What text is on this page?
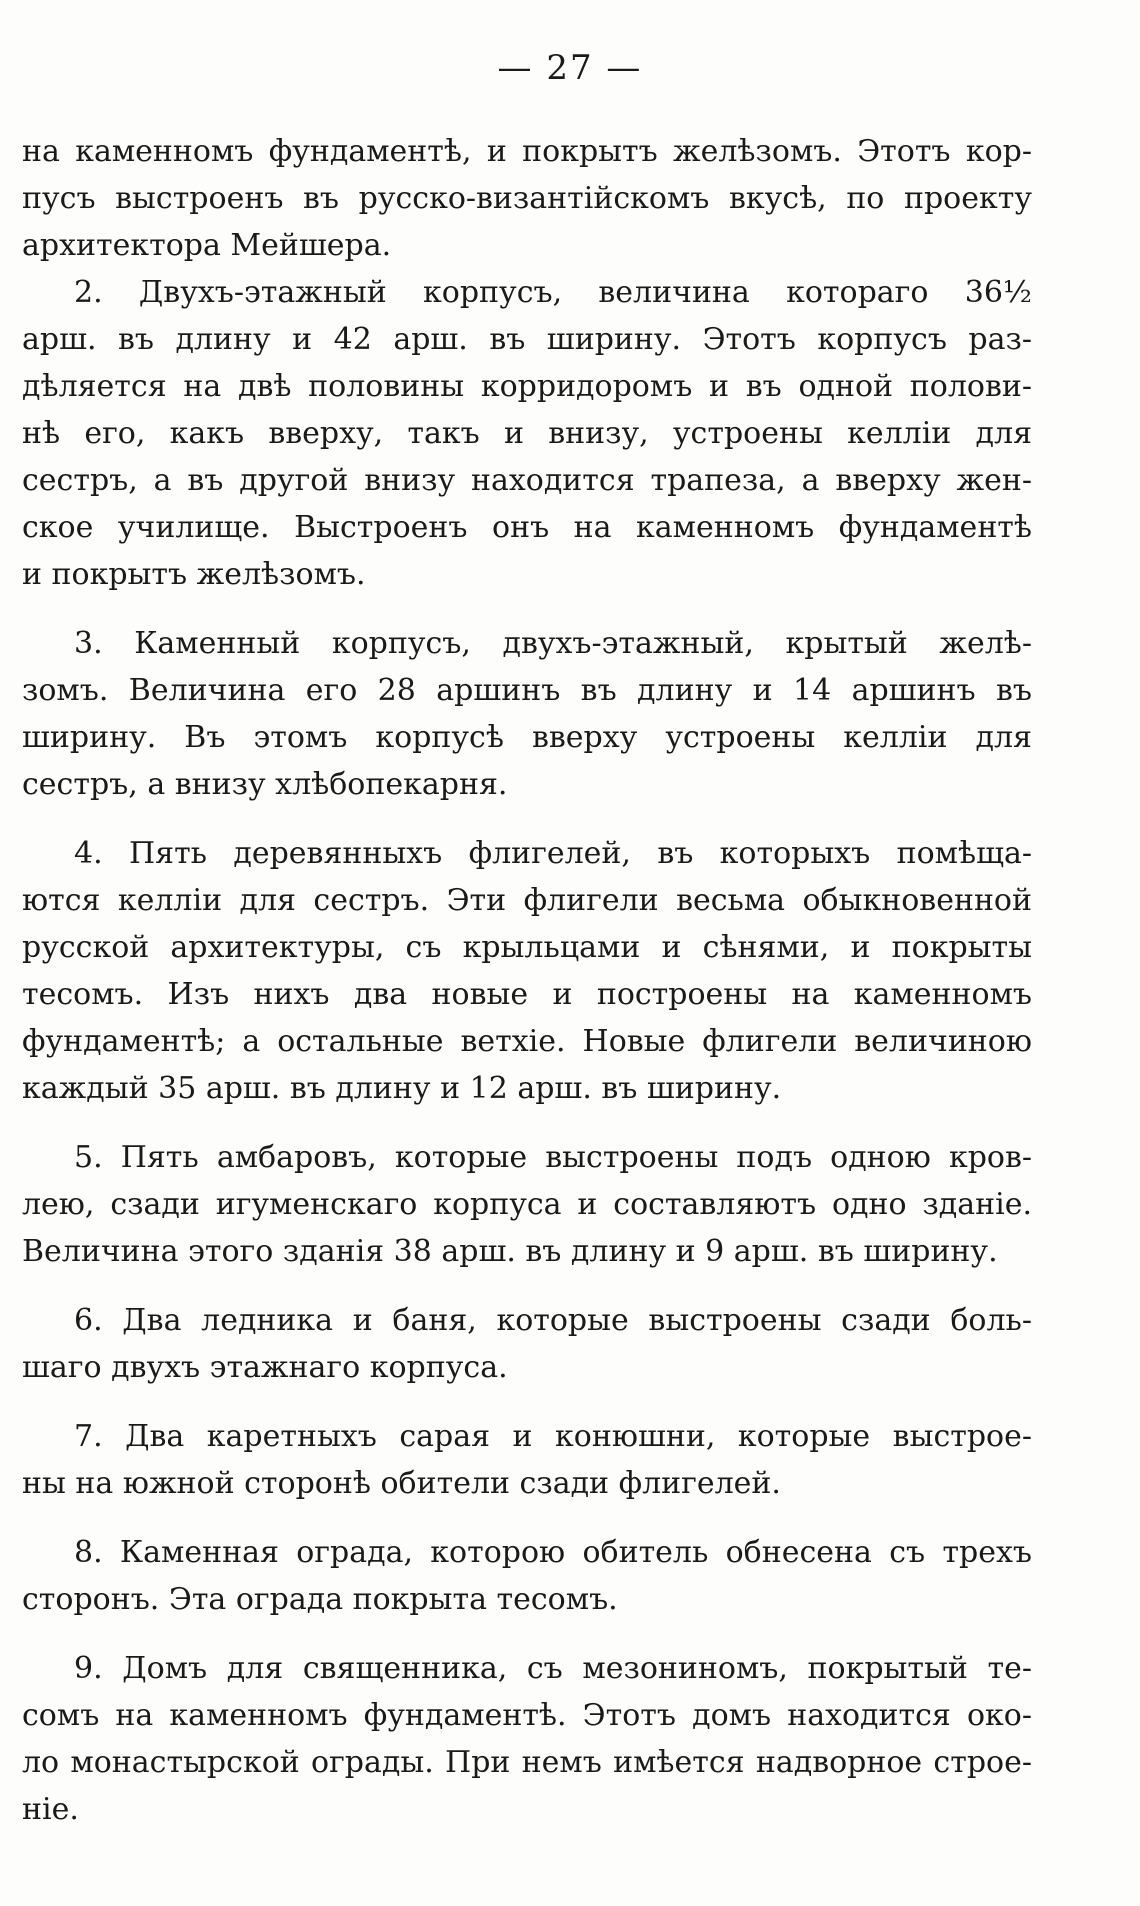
— 27 —
на каменномъ фундаментѣ, и покрытъ желѣзомъ. Этотъ кор-
пусъ выстроенъ въ русско-византійскомъ вкусѣ, по проекту
архитектора Мейшера.
2. Двухъ-этажный корпусъ, величина котораго 36½
арш. въ длину и 42 арш. въ ширину. Этотъ корпусъ раз-
дѣляется на двѣ половины корридоромъ и въ одной полови-
нѣ его, какъ вверху, такъ и внизу, устроены келліи для
сестръ, а въ другой внизу находится трапеза, а вверху жен-
ское училище. Выстроенъ онъ на каменномъ фундаментѣ
и покрытъ желѣзомъ.
3. Каменный корпусъ, двухъ-этажный, крытый желѣ-
зомъ. Величина его 28 аршинъ въ длину и 14 аршинъ въ
ширину. Въ этомъ корпусѣ вверху устроены келліи для
сестръ, а внизу хлѣбопекарня.
4. Пять деревянныхъ флигелей, въ которыхъ помѣща-
ются келліи для сестръ. Эти флигели весьма обыкновенной
русской архитектуры, съ крыльцами и сѣнями, и покрыты
тесомъ. Изъ нихъ два новые и построены на каменномъ
фундаментѣ; а остальные ветхіе. Новые флигели величиною
каждый 35 арш. въ длину и 12 арш. въ ширину.
5. Пять амбаровъ, которые выстроены подъ одною кров-
лею, сзади игуменскаго корпуса и составляютъ одно зданіе.
Величина этого зданія 38 арш. въ длину и 9 арш. въ ширину.
6. Два ледника и баня, которые выстроены сзади боль-
шаго двухъ этажнаго корпуса.
7. Два каретныхъ сарая и конюшни, которые выстрое-
ны на южной сторонѣ обители сзади флигелей.
8. Каменная ограда, которою обитель обнесена съ трехъ
сторонъ. Эта ограда покрыта тесомъ.
9. Домъ для священника, съ мезониномъ, покрытый те-
сомъ на каменномъ фундаментѣ. Этотъ домъ находится око-
ло монастырской ограды. При немъ имѣется надворное строе-
ніе.
